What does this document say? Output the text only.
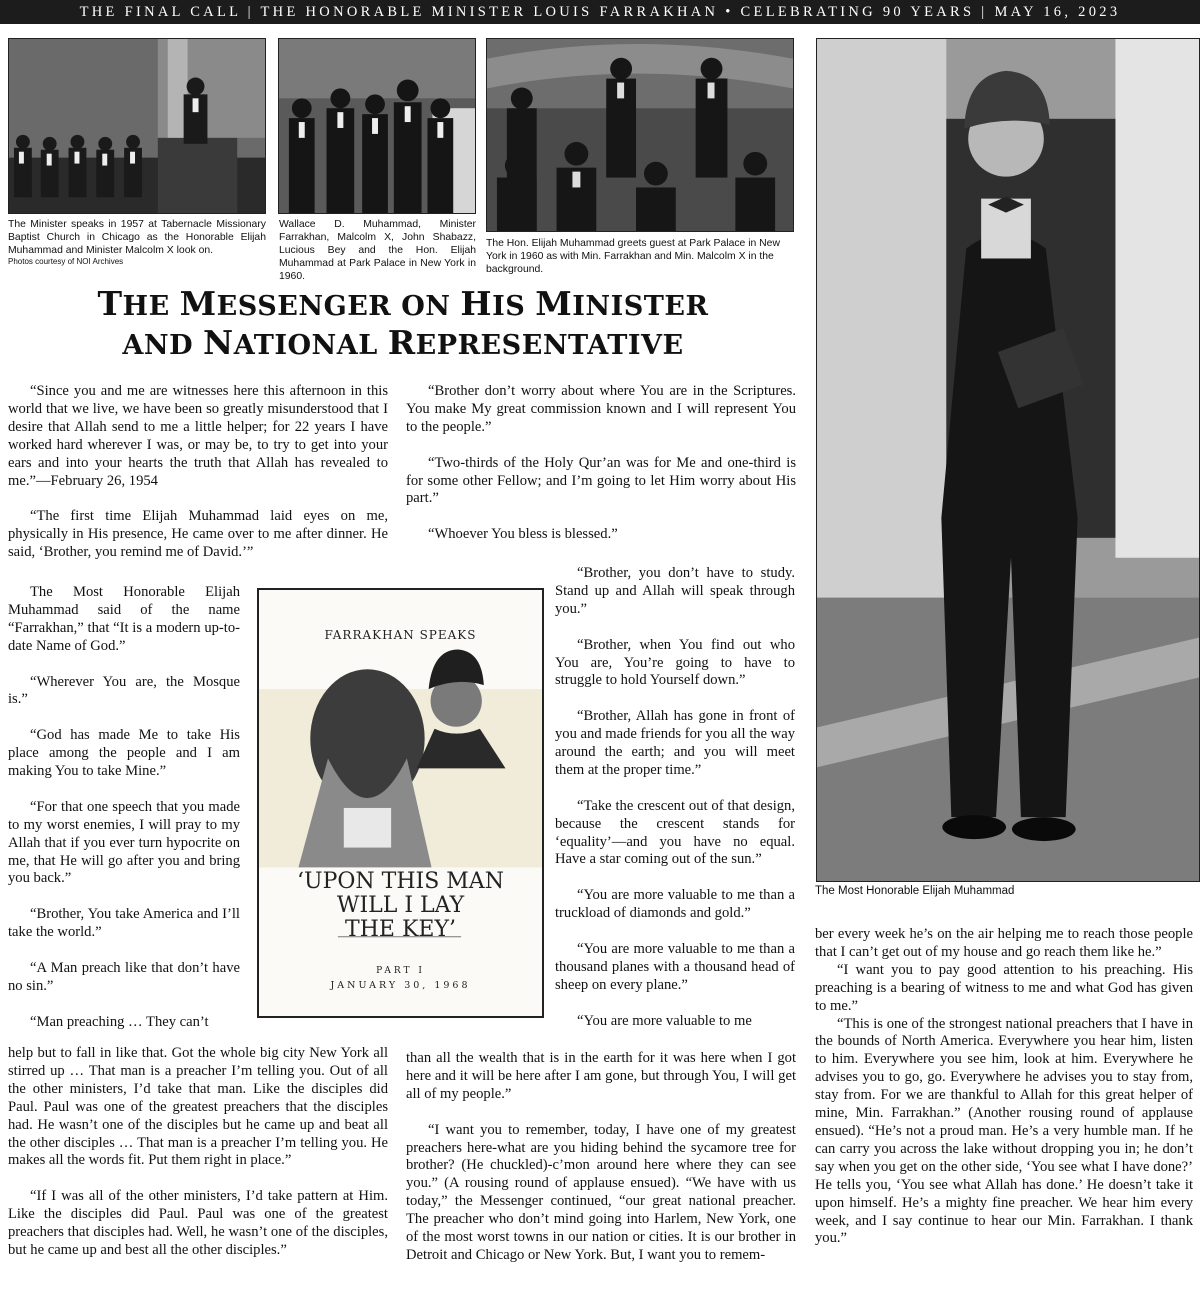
THE FINAL CALL | THE HONORABLE MINISTER LOUIS FARRAKHAN • CELEBRATING 90 YEARS | MAY 16, 2023
The Minister speaks in 1957 at Tabernacle Missionary Baptist Church in Chicago as the Honorable Elijah Muhammad and Minister Malcolm X look on.
Photos courtesy of NOI Archives
Wallace D. Muhammad, Minister Farrakhan, Malcolm X, John Shabazz, Lucious Bey and the Hon. Elijah Muhammad at Park Palace in New York in 1960.
The Hon. Elijah Muhammad greets guest at Park Palace in New York in 1960 as with Min. Farrakhan and Min. Malcolm X in the background.
The Most Honorable Elijah Muhammad
THE MESSENGER ON HIS MINISTER
AND NATIONAL REPRESENTATIVE

“Since you and me are witnesses here this afternoon in this world that we live, we have been so greatly misunderstood that I desire that Allah send to me a little helper; for 22 years I have worked hard wherever I was, or may be, to try to get into your ears and into your hearts the truth that Allah has revealed to me.”—February 26, 1954

“The first time Elijah Muhammad laid eyes on me, physically in His presence, He came over to me after dinner. He said, ‘Brother, you remind me of David.’”

The Most Honorable Elijah Muhammad said of the name “Farrakhan,” that “It is a modern up-to-date Name of God.”

“Wherever You are, the Mosque is.”

“God has made Me to take His place among the people and I am making You to take Mine.”

“For that one speech that you made to my worst enemies, I will pray to my Allah that if you ever turn hypocrite on me, that He will go after you and bring you back.”

“Brother, You take America and I’ll take the world.”

“A Man preach like that don’t have no sin.”

“Man preaching … They can’t

help but to fall in like that. Got the whole big city New York all stirred up … That man is a preacher I’m telling you. Out of all the other ministers, I’d take that man. Like the disciples did Paul. Paul was one of the greatest preachers that the disciples had. He wasn’t one of the disciples but he came up and beat all the other disciples … That man is a preacher I’m telling you. He makes all the words fit. Put them right in place.”

“If I was all of the other ministers, I’d take pattern at Him. Like the disciples did Paul. Paul was one of the greatest preachers that disciples had. Well, he wasn’t one of the disciples, but he came up and best all the other disciples.”

“Brother don’t worry about where You are in the Scriptures. You make My great commission known and I will represent You to the people.”

“Two-thirds of the Holy Qur’an was for Me and one-third is for some other Fellow; and I’m going to let Him worry about His part.”

“Whoever You bless is blessed.”

“Brother, you don’t have to study. Stand up and Allah will speak through you.”

“Brother, when You find out who You are, You’re going to have to struggle to hold Yourself down.”

“Brother, Allah has gone in front of you and made friends for you all the way around the earth; and you will meet them at the proper time.”

“Take the crescent out of that design, because the crescent stands for ‘equality’—and you have no equal. Have a star coming out of the sun.”

“You are more valuable to me than a truckload of diamonds and gold.”

“You are more valuable to me than a thousand planes with a thousand head of sheep on every plane.”

“You are more valuable to me

than all the wealth that is in the earth for it was here when I got here and it will be here after I am gone, but through You, I will get all of my people.”

“I want you to remember, today, I have one of my greatest preachers here-what are you hiding behind the sycamore tree for brother? (He chuckled)-c’mon around here where they can see you.” (A rousing round of applause ensued). “We have with us today,” the Messenger continued, “our great national preacher. The preacher who don’t mind going into Harlem, New York, one of the most worst towns in our nation or cities. It is our brother in Detroit and Chicago or New York. But, I want you to remem-

ber every week he’s on the air helping me to reach those people that I can’t get out of my house and go reach them like he.”

“I want you to pay good attention to his preaching. His preaching is a bearing of witness to me and what God has given to me.”

“This is one of the strongest national preachers that I have in the bounds of North America. Everywhere you hear him, listen to him. Everywhere you see him, look at him. Everywhere he advises you to go, go. Everywhere he advises you to stay from, stay from. For we are thankful to Allah for this great helper of mine, Min. Farrakhan.” (Another rousing round of applause ensued). “He’s not a proud man. He’s a very humble man. If he can carry you across the lake without dropping you in; he don’t say when you get on the other side, ‘You see what I have done?’ He tells you, ‘You see what Allah has done.’ He doesn’t take it upon himself. He’s a mighty fine preacher. We hear him every week, and I say continue to hear our Min. Farrakhan. I thank you.”

FARRAKHAN SPEAKS
‘UPON THIS MAN
WILL I LAY
THE KEY’
PART I
JANUARY 30, 1968
